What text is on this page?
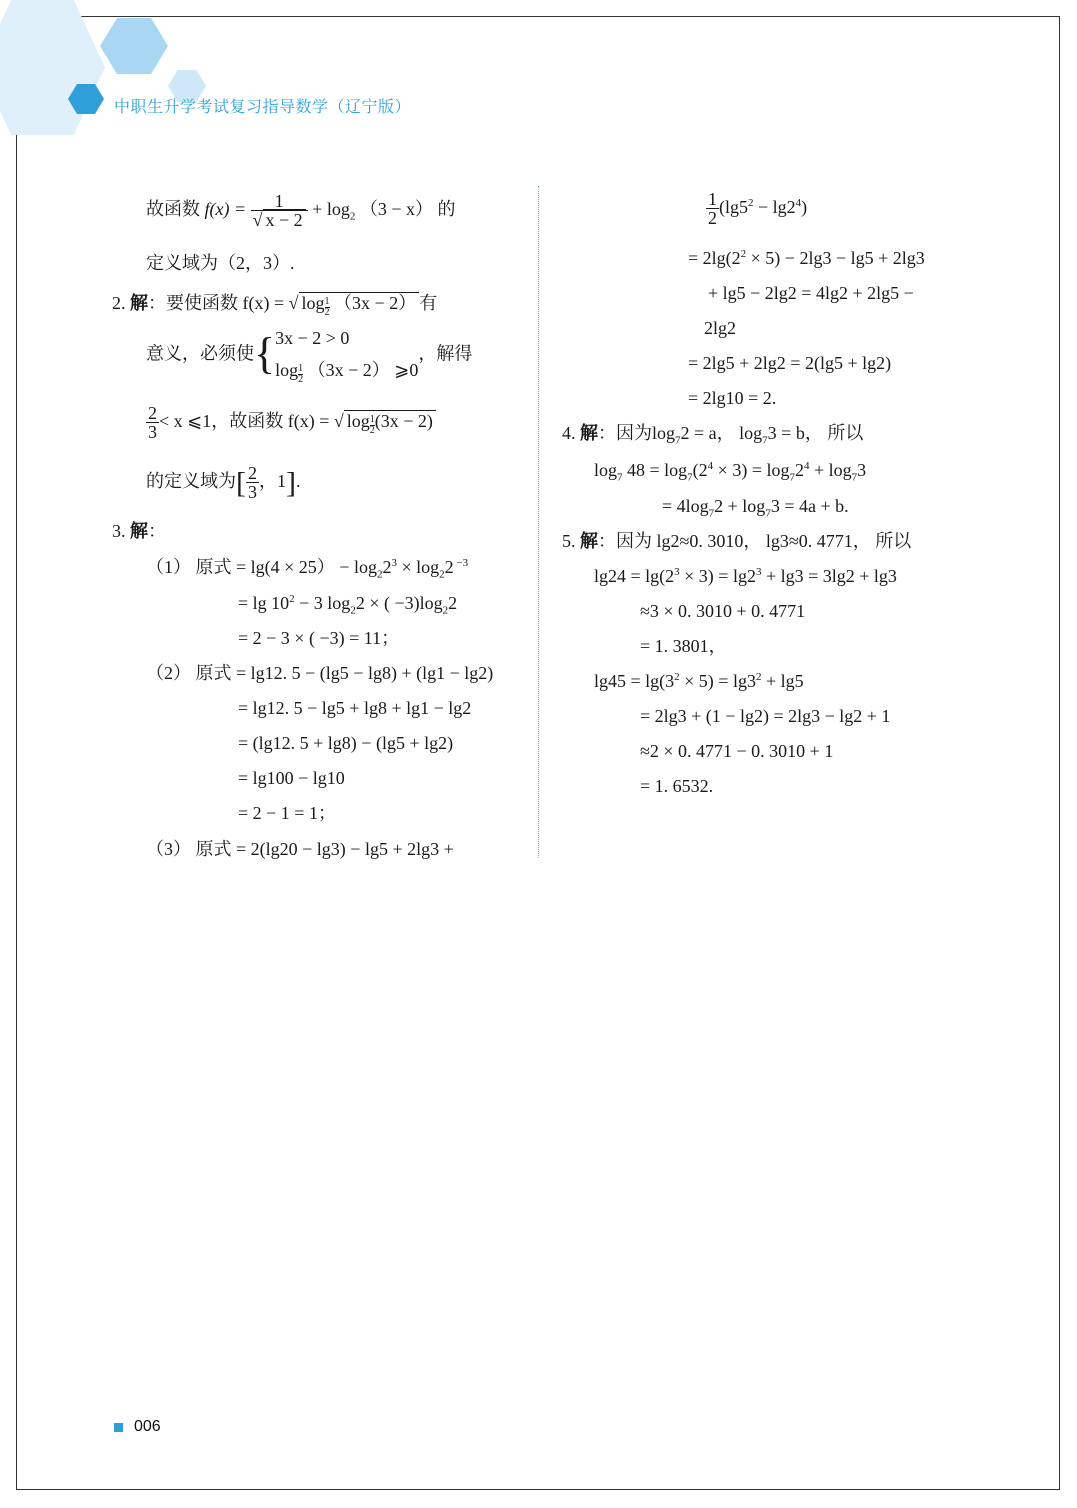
中职生升学考试复习指导数学（辽宁版）
故函数 $f(x) = \frac{1}{√ x - 2} + \log_2 (3 - x)$ 的
定义域为（2，3）.
2. 解：要使函数 f(x) = √ $\log \frac{1}{2} (3x - 2)$ 有
意义，必须使{3x − 2 > 0
$\log \frac{1}{2} (3x - 2)$ ⩾0，解得
$\frac{2}{3} < x$ ⩽1，故函数 f(x) = √ $\log \frac{1}{2} (3x - 2)$
的定义域为[ $\frac{2}{3}$ ，1].
3. 解：
（1） 原式 = $\lg(4 \times 25) - \log_22^3 \times \log_22$ $^{-3}$
= $\lg 10^2 - 3$ $\log_22$ × ( $-3)\log_22$
= 2 − 3 × ( −3) = 11；
（2） 原式 = lg12. 5 − (lg5 − lg8) + (lg1 − lg2)
= lg12. 5 − lg5 + lg8 + lg1 − lg2
= (lg12. 5 + lg8) − (lg5 + lg2)
= lg100 − lg10
= 2 − 1 = 1；
（3） 原式 = 2(lg20 − lg3) − lg5 + 2lg3 +
$\frac{1}{2} (\lg 5^2 - \lg 2^4)$
= $2\lg(2^2 \times 5) - 2\lg 3 - \lg 5 + 2\lg 3$
+ lg5 − 2lg2 = 4lg2 + 2lg5 −
2lg2
= 2lg5 + 2lg2 = 2(lg5 + lg2)
= 2lg10 = 2.
4. 解：因为$\log_72 = a$， $\log_73 = b$， 所以
$\log_7 48 = \log_7(2^4 \times 3) = \log_72^4 + \log_73$
= $4\log_72 + \log_73 = 4a + b$.
5. 解：因为 lg2≈0. 3010， lg3≈0. 4771， 所以
$\lg 24 = \lg(2^3 \times 3) = \lg 2^3 + \lg 3 = 3\lg 2 + \lg 3$
≈3 × 0. 3010 + 0. 4771
= 1. 3801，
$\lg 45 = \lg(3^2 \times 5) = \lg 3^2 + \lg 5$
= 2lg3 + (1 − lg2) = 2lg3 − lg2 + 1
≈2 × 0. 4771 − 0. 3010 + 1
= 1. 6532.
006
